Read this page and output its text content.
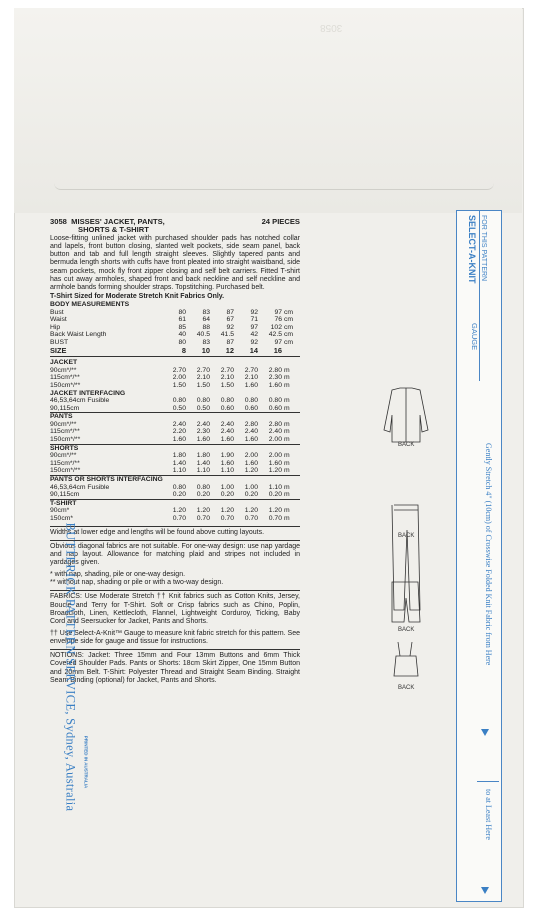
3058
3058 MISSES' JACKET, PANTS,	24 PIECES
SHORTS & T-SHIRT

Loose-fitting unlined jacket with purchased shoulder pads has notched collar and lapels, front button closing, slanted welt pockets, side seam panel, back button and tab and full length straight sleeves. Slightly tapered pants and bermuda length shorts with cuffs have front pleated into straight waistband, side seam pockets, mock fly front zipper closing and self belt carriers. Fitted T-shirt has cut away armholes, shaped front and back neckline and self neckline and armhole bands forming shoulder straps. Topstitching. Purchased belt.

T-Shirt Sized for Moderate Stretch Knit Fabrics Only.

BODY MEASUREMENTS						
Bust	80	83	87	92	97	cm
Waist	61	64	67	71	76	cm
Hip	85	88	92	97	102	cm
Back Waist Length	40	40.5	41.5	42	42.5	cm
BUST	80	83	87	92	97	cm
SIZE	8	10	12	14	16	
JACKET						
90cm*/**	2.70	2.70	2.70	2.70	2.80	m
115cm*/**	2.00	2.10	2.10	2.10	2.30	m
150cm*/**	1.50	1.50	1.50	1.60	1.60	m
JACKET INTERFACING						
46,53,64cm Fusible	0.80	0.80	0.80	0.80	0.80	m
90,115cm	0.50	0.50	0.60	0.60	0.60	m
PANTS						
90cm*/**	2.40	2.40	2.40	2.80	2.80	m
115cm*/**	2.20	2.30	2.40	2.40	2.40	m
150cm*/**	1.60	1.60	1.60	1.60	2.00	m
SHORTS						
90cm*/**	1.80	1.80	1.90	2.00	2.00	m
115cm*/**	1.40	1.40	1.60	1.60	1.60	m
150cm*/**	1.10	1.10	1.10	1.20	1.20	m
PANTS OR SHORTS INTERFACING						
46,53,64cm Fusible	0.80	0.80	1.00	1.00	1.10	m
90,115cm	0.20	0.20	0.20	0.20	0.20	m
T-SHIRT						
90cm*	1.20	1.20	1.20	1.20	1.20	m
150cm*	0.70	0.70	0.70	0.70	0.70	m

Widths at lower edge and lengths will be found above cutting layouts.

Obvious diagonal fabrics are not suitable. For one-way design: use nap yardage and nap layout. Allowance for matching plaid and stripes not included in yardages given.

* with nap, shading, pile or one-way design.

** without nap, shading or pile or with a two-way design.

FABRICS: Use Moderate Stretch †† Knit fabrics such as Cotton Knits, Jersey, Boucle and Terry for T-Shirt. Soft or Crisp fabrics such as Chino, Poplin, Broadcloth, Linen, Kettlecloth, Flannel, Lightweight Corduroy, Ticking, Baby Cord and Seersucker for Jacket, Pants and Shorts.

†† Use Select-A-Knit™ Gauge to measure knit fabric stretch for this pattern. See envelope side for gauge and tissue for instructions.

NOTIONS: Jacket: Three 15mm and Four 13mm Buttons and 6mm Thick Covered Shoulder Pads. Pants or Shorts: 18cm Skirt Zipper, One 15mm Button and 20mm Belt. T-Shirt: Polyester Thread and Straight Seam Binding. Straight Seam Binding (optional) for Jacket, Pants and Shorts.

BUTTERICK PATTERN SERVICE, Sydney, Australia PRINTED IN AUSTRALIA
BACK
BACK
BACK
BACK
SELECT-A-KNIT FOR THIS PATTERN
GAUGE
Gently Stretch 4" (10cm) of Crosswise Folded Knit Fabric from Here
to at Least Here
